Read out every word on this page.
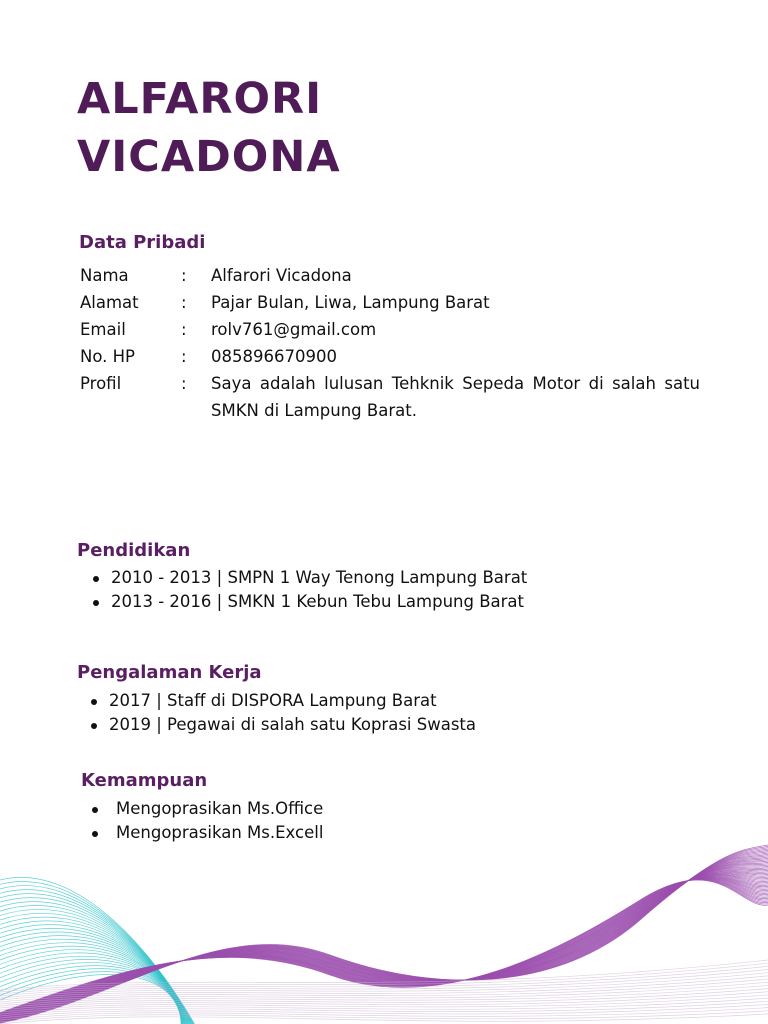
ALFARORI
VICADONA
Data Pribadi
Nama	: Alfarori Vicadona
Alamat	: Pajar Bulan, Liwa, Lampung Barat
Email	: rolv761@gmail.com
No. HP	: 085896670900
Profil	: Saya adalah lulusan Tehknik Sepeda Motor di salah satu SMKN di Lampung Barat.
Pendidikan
2010 - 2013 | SMPN 1 Way Tenong Lampung Barat
2013 - 2016 | SMKN 1 Kebun Tebu Lampung Barat
Pengalaman Kerja
2017 | Staff di DISPORA Lampung Barat
2019 | Pegawai di salah satu Koprasi Swasta
Kemampuan
Mengoprasikan Ms.Office
Mengoprasikan Ms.Excell
